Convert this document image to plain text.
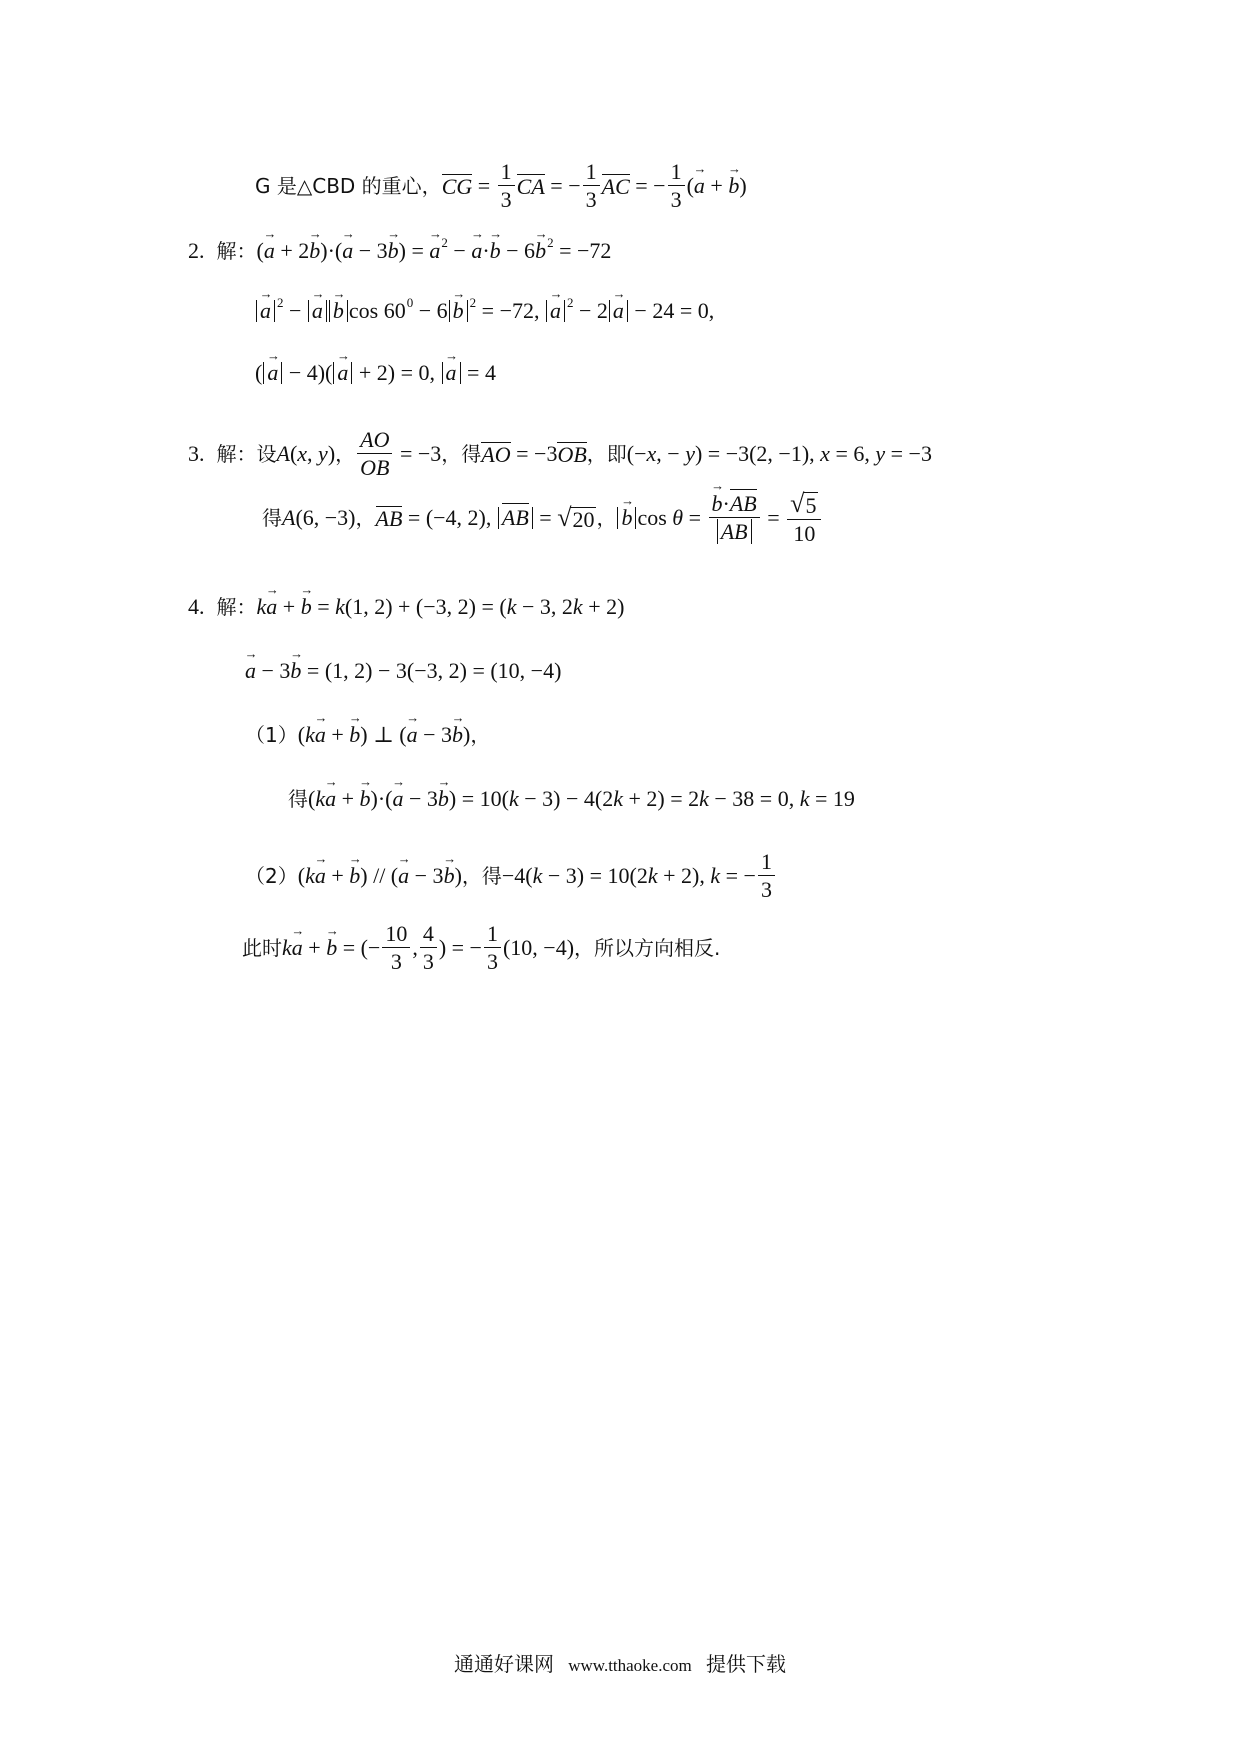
G 是△CBD 的重心， CG = $\frac{1}{3}$ CA = − $\frac{1}{3}$ AC = − $\frac{1}{3}$ ( → a + → b )
2. 解： ( → a + 2 → b )·( → a − 3 → b ) = → a 2 − → a · → b − 6 → b 2 = −72
→ a 2 − → a → b cos 60 0 − 6 → b 2 = −72, → a 2 − 2 → a − 24 = 0,
( → a − 4)( → a + 2) = 0, → a = 4
3. 解：设 A ( x , y ) ， $\frac{AO}{OB} = -3$ ，得 AO = −3 OB ，即 (− x , − y ) = −3(2, −1), x = 6, y = −3
得 A (6, −3) ， AB = (−4, 2), AB = √ 20 ， → b cos θ = → $\frac{b\cdot AB}{AB} = \frac{√ 5}{10}$
4. 解： k → a + → b = k (1, 2) + (−3, 2) = ( k − 3, 2 k + 2)
→ a − 3 → b = (1, 2) − 3(−3, 2) = (10, −4)
（1） ( k → a + → b ) ⊥ ( → a − 3 → b ) ，
得 ( k → a + → b )·( → a − 3 → b ) = 10( k − 3) − 4(2 k + 2) = 2 k − 38 = 0, k = 19
（2） ( k → a + → b ) // ( → a − 3 → b ) ，得 −4( k − 3) = 10(2 k + 2), k = − $\frac{1}{3}$
此时 k → a + → b = (− $\frac{10}{3}$ , $\frac{4}{3}$ ) = − $\frac{1}{3} (10$, −4) ，所以方向相反.
通通好课网 www.tthaoke.com 提供下载
